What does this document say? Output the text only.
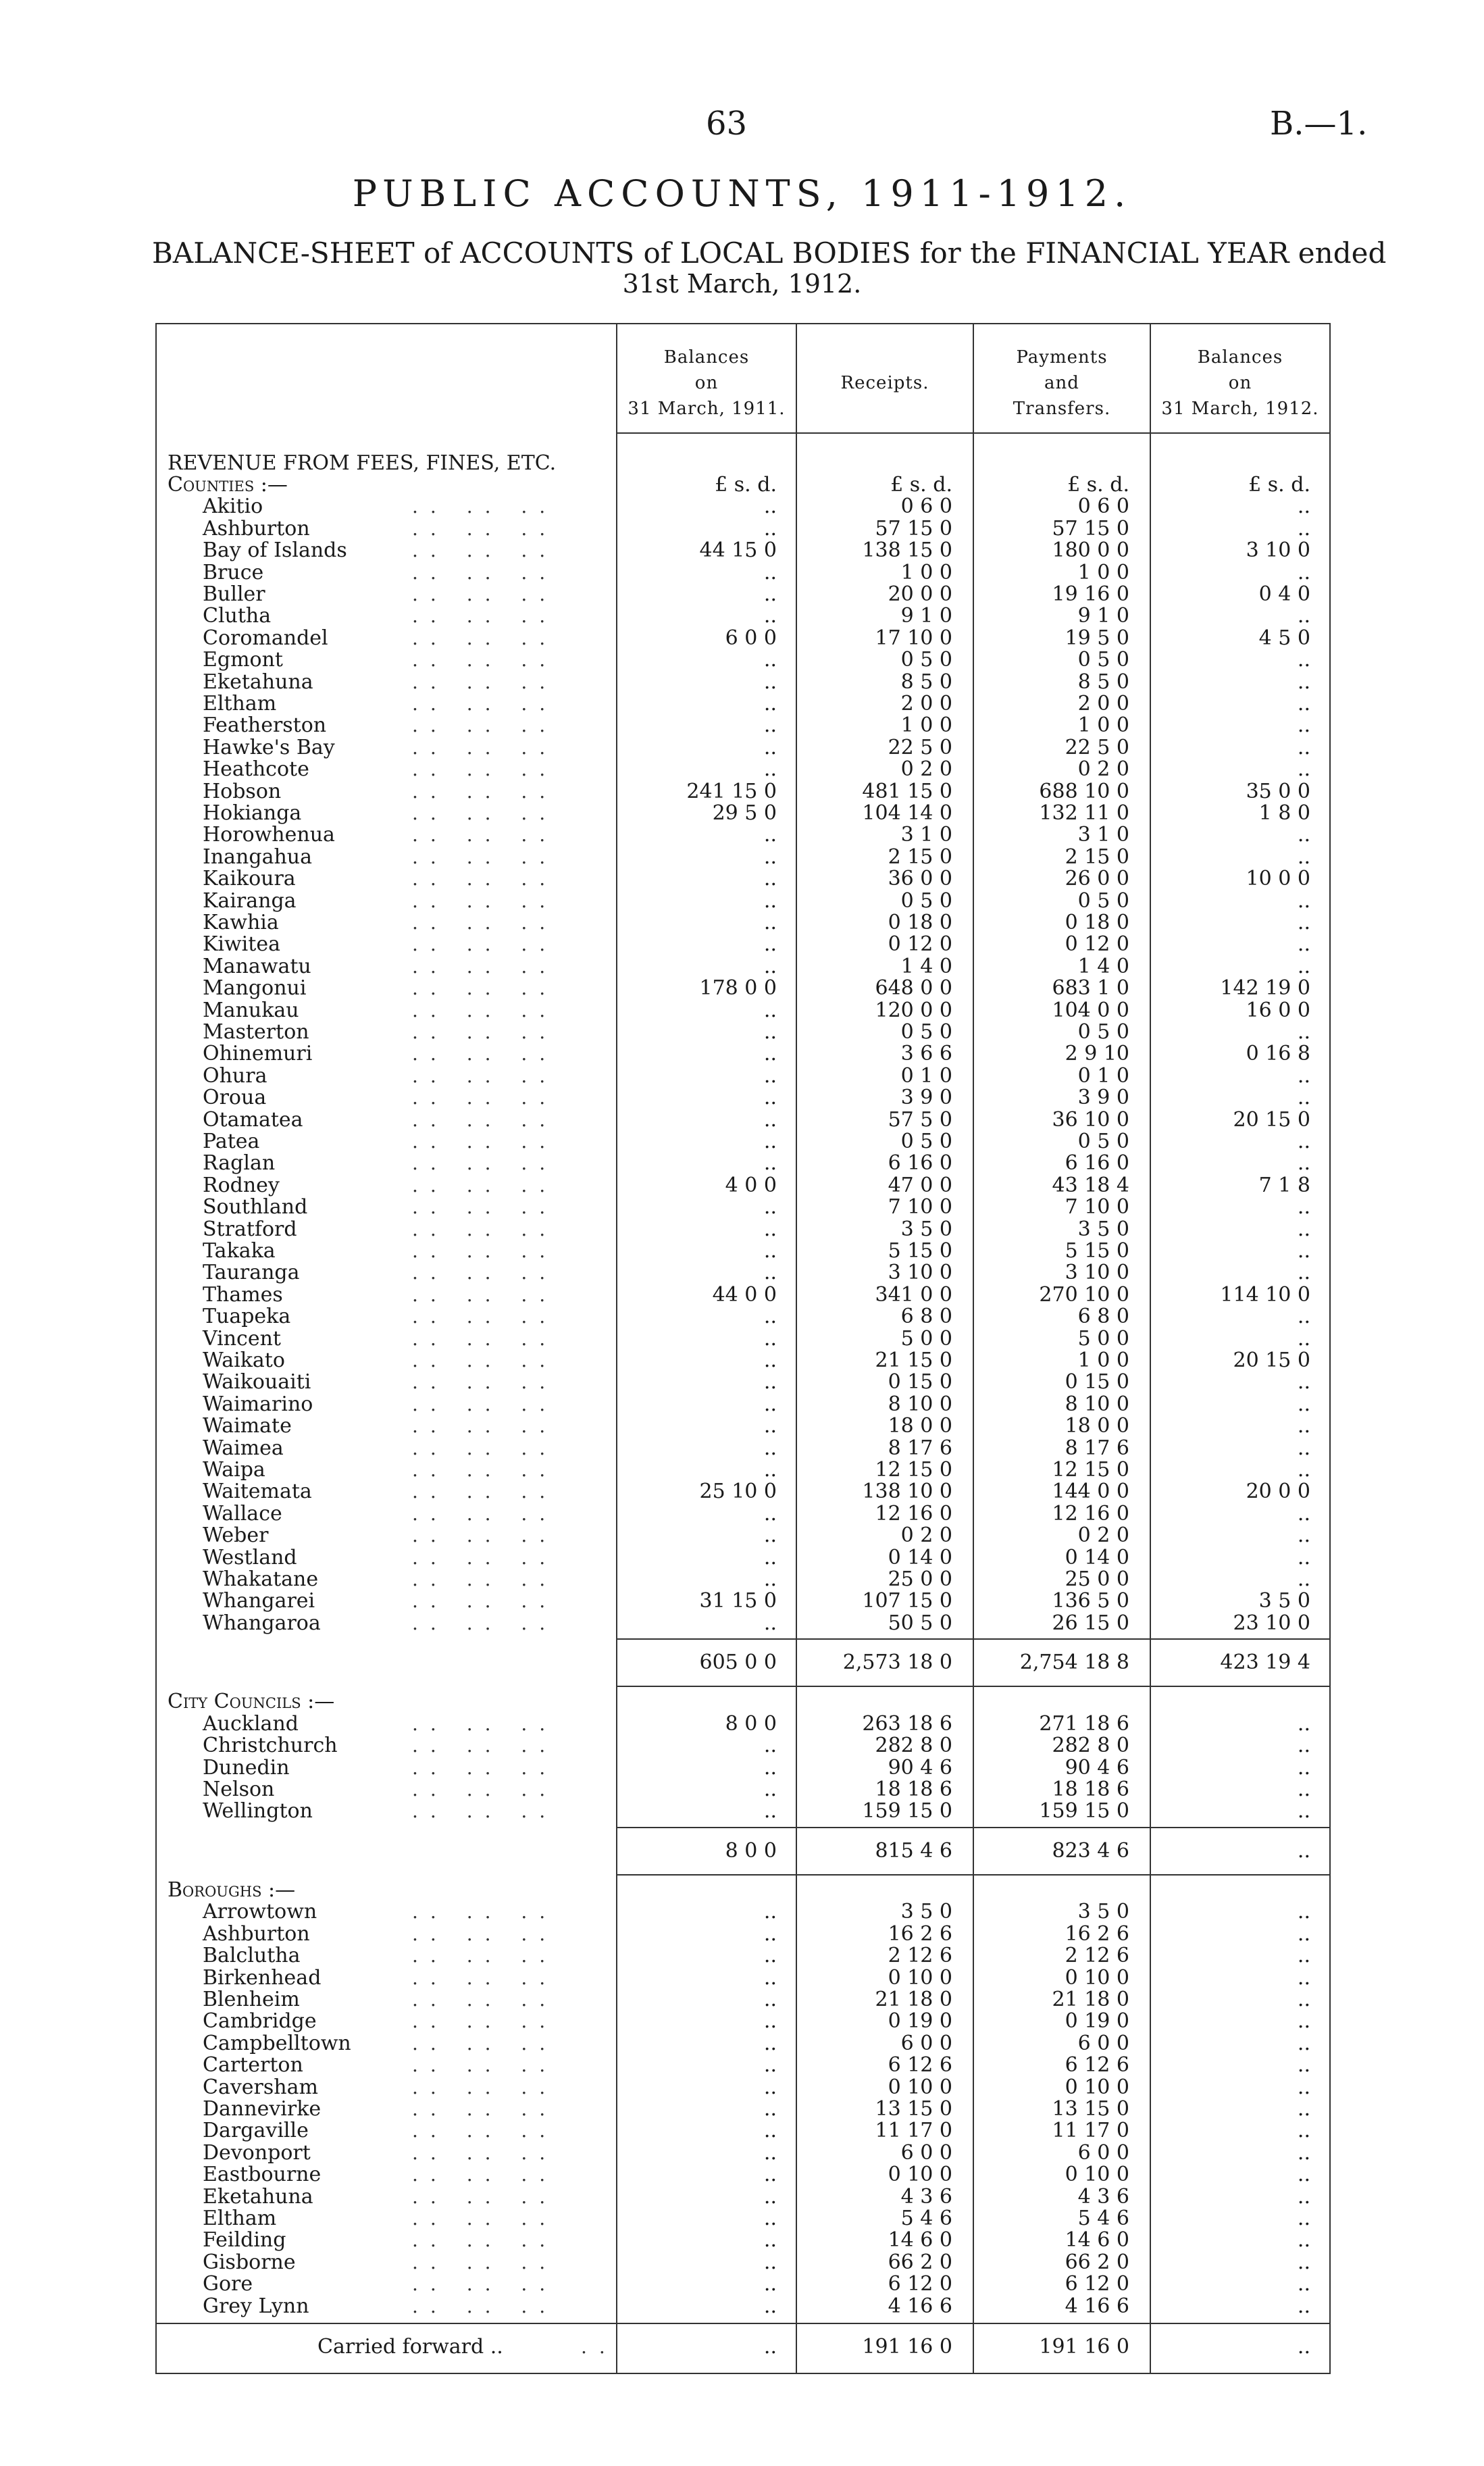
63	B.—1.
PUBLIC ACCOUNTS, 1911-1912.
BALANCE-SHEET of ACCOUNTS of LOCAL BODIES for the FINANCIAL YEAR ended
31st March, 1912.
Balances
on
31 March, 1911.

Receipts.
Payments
and
Transfers.
Balances
on
31 March, 1912.
REVENUE FROM FEES, FINES, ETC.
Counties :—	£ s. d.	£ s. d.	£ s. d.	£ s. d.
Akitio	.. .. ..	..	0 6 0	0 6 0	..
Ashburton	.. .. ..	..	57 15 0	57 15 0	..
Bay of Islands	.. .. ..	44 15 0	138 15 0	180 0 0	3 10 0
Bruce	.. .. ..	..	1 0 0	1 0 0	..
Buller	.. .. ..	..	20 0 0	19 16 0	0 4 0
Clutha	.. .. ..	..	9 1 0	9 1 0	..
Coromandel	.. .. ..	6 0 0	17 10 0	19 5 0	4 5 0
Egmont	.. .. ..	..	0 5 0	0 5 0	..
Eketahuna	.. .. ..	..	8 5 0	8 5 0	..
Eltham	.. .. ..	..	2 0 0	2 0 0	..
Featherston	.. .. ..	..	1 0 0	1 0 0	..
Hawke's Bay	.. .. ..	..	22 5 0	22 5 0	..
Heathcote	.. .. ..	..	0 2 0	0 2 0	..
Hobson	.. .. ..	241 15 0	481 15 0	688 10 0	35 0 0
Hokianga	.. .. ..	29 5 0	104 14 0	132 11 0	1 8 0
Horowhenua	.. .. ..	..	3 1 0	3 1 0	..
Inangahua	.. .. ..	..	2 15 0	2 15 0	..
Kaikoura	.. .. ..	..	36 0 0	26 0 0	10 0 0
Kairanga	.. .. ..	..	0 5 0	0 5 0	..
Kawhia	.. .. ..	..	0 18 0	0 18 0	..
Kiwitea	.. .. ..	..	0 12 0	0 12 0	..
Manawatu	.. .. ..	..	1 4 0	1 4 0	..
Mangonui	.. .. ..	178 0 0	648 0 0	683 1 0	142 19 0
Manukau	.. .. ..	..	120 0 0	104 0 0	16 0 0
Masterton	.. .. ..	..	0 5 0	0 5 0	..
Ohinemuri	.. .. ..	..	3 6 6	2 9 10	0 16 8
Ohura	.. .. ..	..	0 1 0	0 1 0	..
Oroua	.. .. ..	..	3 9 0	3 9 0	..
Otamatea	.. .. ..	..	57 5 0	36 10 0	20 15 0
Patea	.. .. ..	..	0 5 0	0 5 0	..
Raglan	.. .. ..	..	6 16 0	6 16 0	..
Rodney	.. .. ..	4 0 0	47 0 0	43 18 4	7 1 8
Southland	.. .. ..	..	7 10 0	7 10 0	..
Stratford	.. .. ..	..	3 5 0	3 5 0	..
Takaka	.. .. ..	..	5 15 0	5 15 0	..
Tauranga	.. .. ..	..	3 10 0	3 10 0	..
Thames	.. .. ..	44 0 0	341 0 0	270 10 0	114 10 0
Tuapeka	.. .. ..	..	6 8 0	6 8 0	..
Vincent	.. .. ..	..	5 0 0	5 0 0	..
Waikato	.. .. ..	..	21 15 0	1 0 0	20 15 0
Waikouaiti	.. .. ..	..	0 15 0	0 15 0	..
Waimarino	.. .. ..	..	8 10 0	8 10 0	..
Waimate	.. .. ..	..	18 0 0	18 0 0	..
Waimea	.. .. ..	..	8 17 6	8 17 6	..
Waipa	.. .. ..	..	12 15 0	12 15 0	..
Waitemata	.. .. ..	25 10 0	138 10 0	144 0 0	20 0 0
Wallace	.. .. ..	..	12 16 0	12 16 0	..
Weber	.. .. ..	..	0 2 0	0 2 0	..
Westland	.. .. ..	..	0 14 0	0 14 0	..
Whakatane	.. .. ..	..	25 0 0	25 0 0	..
Whangarei	.. .. ..	31 15 0	107 15 0	136 5 0	3 5 0
Whangaroa	.. .. ..	..	50 5 0	26 15 0	23 10 0
605 0 0	2,573 18 0	2,754 18 8	423 19 4
City Councils :—
Auckland	.. .. ..	8 0 0	263 18 6	271 18 6	..
Christchurch	.. .. ..	..	282 8 0	282 8 0	..
Dunedin	.. .. ..	..	90 4 6	90 4 6	..
Nelson	.. .. ..	..	18 18 6	18 18 6	..
Wellington	.. .. ..	..	159 15 0	159 15 0	..
8 0 0	815 4 6	823 4 6	..
Boroughs :—
Arrowtown	.. .. ..	..	3 5 0	3 5 0	..
Ashburton	.. .. ..	..	16 2 6	16 2 6	..
Balclutha	.. .. ..	..	2 12 6	2 12 6	..
Birkenhead	.. .. ..	..	0 10 0	0 10 0	..
Blenheim	.. .. ..	..	21 18 0	21 18 0	..
Cambridge	.. .. ..	..	0 19 0	0 19 0	..
Campbelltown	.. .. ..	..	6 0 0	6 0 0	..
Carterton	.. .. ..	..	6 12 6	6 12 6	..
Caversham	.. .. ..	..	0 10 0	0 10 0	..
Dannevirke	.. .. ..	..	13 15 0	13 15 0	..
Dargaville	.. .. ..	..	11 17 0	11 17 0	..
Devonport	.. .. ..	..	6 0 0	6 0 0	..
Eastbourne	.. .. ..	..	0 10 0	0 10 0	..
Eketahuna	.. .. ..	..	4 3 6	4 3 6	..
Eltham	.. .. ..	..	5 4 6	5 4 6	..
Feilding	.. .. ..	..	14 6 0	14 6 0	..
Gisborne	.. .. ..	..	66 2 0	66 2 0	..
Gore	.. .. ..	..	6 12 0	6 12 0	..
Grey Lynn	.. .. ..	..	4 16 6	4 16 6	..
Carried forward ..	..	..	191 16 0	191 16 0	..
